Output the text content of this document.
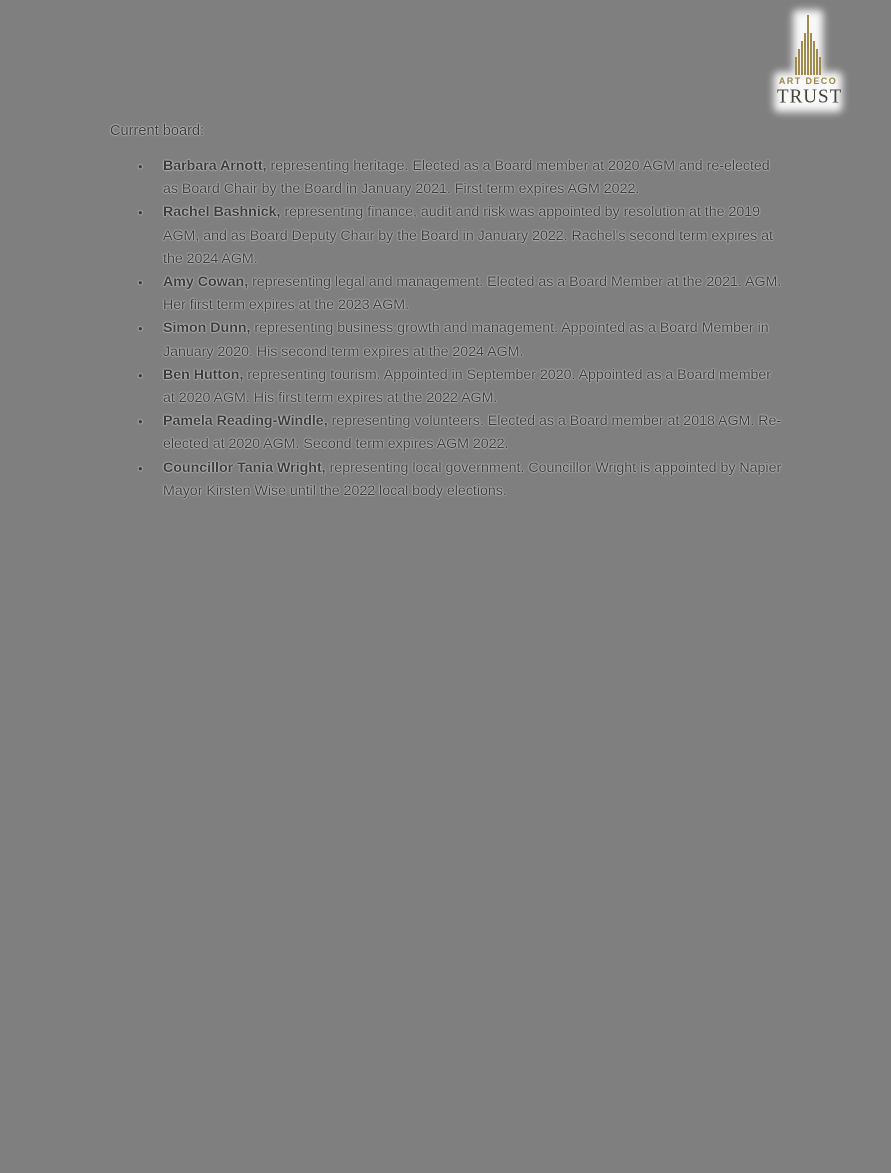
ART DECO
TRUST

Current board:

• Barbara Arnott, representing heritage. Elected as a Board member at 2020 AGM and re-elected as Board Chair by the Board in January 2021. First term expires AGM 2022.
• Rachel Bashnick, representing finance, audit and risk was appointed by resolution at the 2019 AGM, and as Board Deputy Chair by the Board in January 2022. Rachel's second term expires at the 2024 AGM.
• Amy Cowan, representing legal and management. Elected as a Board Member at the 2021. AGM. Her first term expires at the 2023 AGM.
• Simon Dunn, representing business growth and management. Appointed as a Board Member in January 2020. His second term expires at the 2024 AGM.
• Ben Hutton, representing tourism. Appointed in September 2020. Appointed as a Board member at 2020 AGM. His first term expires at the 2022 AGM.
• Pamela Reading-Windle, representing volunteers. Elected as a Board member at 2018 AGM. Re-elected at 2020 AGM. Second term expires AGM 2022.
• Councillor Tania Wright, representing local government. Councillor Wright is appointed by Napier Mayor Kirsten Wise until the 2022 local body elections.
